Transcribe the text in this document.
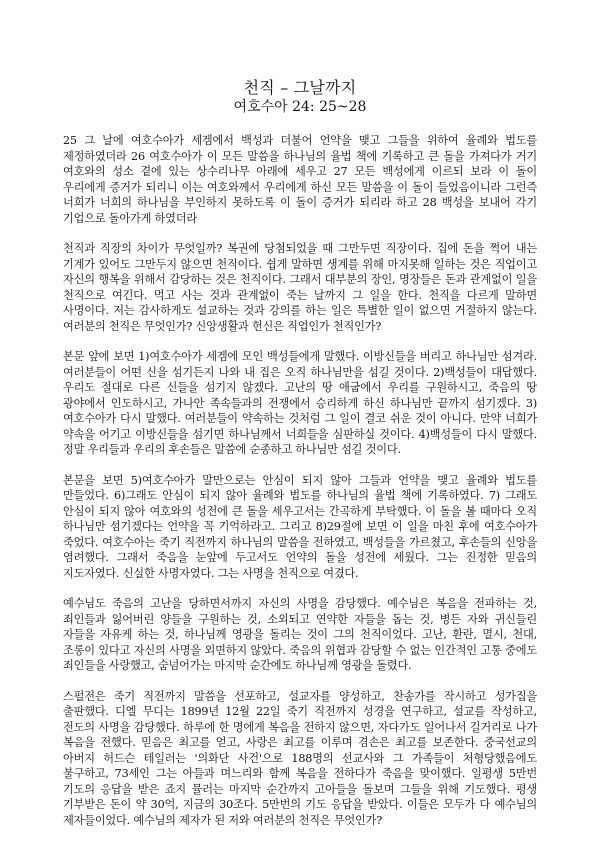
천직 – 그날까지
여호수아 24: 25~28

25 그 날에 여호수아가 세겜에서 백성과 더불어 언약을 맺고 그들을 위하여 율례와 법도를 제정하였더라 26 여호수아가 이 모든 말씀을 하나님의 율법 책에 기록하고 큰 돌을 가져다가 거기 여호와의 성소 곁에 있는 상수리나무 아래에 세우고 27 모든 백성에게 이르되 보라 이 돌이 우리에게 증거가 되리니 이는 여호와께서 우리에게 하신 모든 말씀을 이 돌이 들었음이니라 그런즉 너희가 너희의 하나님을 부인하지 못하도록 이 돌이 증거가 되리라 하고 28 백성을 보내어 각기 기업으로 돌아가게 하였더라

천직과 직장의 차이가 무엇일까? 복권에 당첨되었을 때 그만두면 직장이다. 집에 돈을 쩍어 내는 기계가 있어도 그만두지 않으면 천직이다. 쉽게 말하면 생계를 위해 마지못해 일하는 것은 직업이고 자신의 행복을 위해서 감당하는 것은 천직이다. 그래서 대부분의 장인, 명장들은 돈과 관계없이 일을 천직으로 여긴다. 먹고 사는 것과 관계없이 죽는 날까지 그 일을 한다. 천직을 다르게 말하면 사명이다. 저는 감사하게도 설교하는 것과 강의를 하는 일은 특별한 일이 없으면 거절하지 않는다. 여러분의 천직은 무엇인가? 신앙생활과 헌신은 직업인가 천직인가?

본문 앞에 보면 1)여호수아가 세겜에 모인 백성들에게 말했다. 이방신들을 버리고 하나님만 섬겨라. 여러분들이 어떤 신을 섬기든지 나와 내 집은 오직 하나님만을 섬길 것이다. 2)백성들이 대답했다. 우리도 절대로 다른 신들을 섬기지 않겠다. 고난의 땅 애굽에서 우리를 구원하시고, 죽음의 땅 광야에서 인도하시고, 가나안 족속들과의 전쟁에서 승리하게 하신 하나님만 끝까지 섬기겠다. 3)여호수아가 다시 말했다. 여러분들이 약속하는 것처럼 그 일이 결코 쉬운 것이 아니다. 만약 너희가 약속을 어기고 이방신들을 섬기면 하나님께서 너희들을 심판하실 것이다. 4)백성들이 다시 말했다. 정말 우리들과 우리의 후손들은 말씀에 순종하고 하나님만 섬길 것이다.

본문을 보면 5)여호수아가 말만으로는 안심이 되지 않아 그들과 언약을 맺고 율례와 법도를 만들었다. 6)그래도 안심이 되지 않아 율례와 법도를 하나님의 율법 책에 기록하였다. 7) 그래도 안심이 되지 않아 여호와의 성전에 큰 돌을 세우고서는 간곡하게 부탁했다. 이 돌을 볼 때마다 오직 하나님만 섬기겠다는 언약을 꼭 기억하라고. 그리고 8)29절에 보면 이 일을 마친 후에 여호수아가 죽었다. 여호수아는 죽기 직전까지 하나님의 말씀을 전하였고, 백성들을 가르쳤고, 후손들의 신앙을 염려했다. 그래서 죽음을 눈앞에 두고서도 언약의 돌을 성전에 세웠다. 그는 진정한 믿음의 지도자였다. 신실한 사명자였다. 그는 사명을 천직으로 여겼다.

예수님도 죽음의 고난을 당하면서까지 자신의 사명을 감당했다. 예수님은 복음을 전파하는 것, 죄인들과 잃어버린 양들을 구원하는 것, 소외되고 연약한 자들을 돕는 것, 병든 자와 귀신들린 자들을 자유케 하는 것, 하나님께 영광을 돌리는 것이 그의 천직이었다. 고난, 환란, 멸시, 천대, 조롱이 있다고 자신의 사명을 외면하지 않았다. 죽음의 위협과 감당할 수 없는 인간적인 고통 중에도 죄인들을 사랑했고, 숨넘어가는 마지막 순간에도 하나님께 영광을 돌렸다.

스펄전은 죽기 직전까지 말씀을 선포하고, 설교자를 양성하고, 찬송가를 작시하고 성가집을 출판했다. 디엘 무디는 1899년 12월 22일 죽기 직전까지 성경을 연구하고, 설교를 작성하고, 전도의 사명을 감당했다. 하루에 한 명에게 복음을 전하지 않으면, 자다가도 일어나서 길거리로 나가 복음을 전했다. 믿음은 최고를 얻고, 사랑은 최고를 이루며 겸손은 최고를 보존한다. 중국선교의 아버지 허드슨 테일러는 '의화단 사건'으로 188명의 선교사와 그 가족들이 처형당했음에도 불구하고, 73세인 그는 아들과 며느리와 함께 복음을 전하다가 죽음을 맞이했다. 일평생 5만번 기도의 응답을 받은 죠지 뮬러는 마지막 순간까지 고아들을 돌보며 그들을 위해 기도했다. 평생 기부받은 돈이 약 30억, 지금의 30조다. 5만번의 기도 응답을 받았다. 이들은 모두가 다 예수님의 제자들이었다. 예수님의 제자가 된 저와 여러분의 천직은 무엇인가?
